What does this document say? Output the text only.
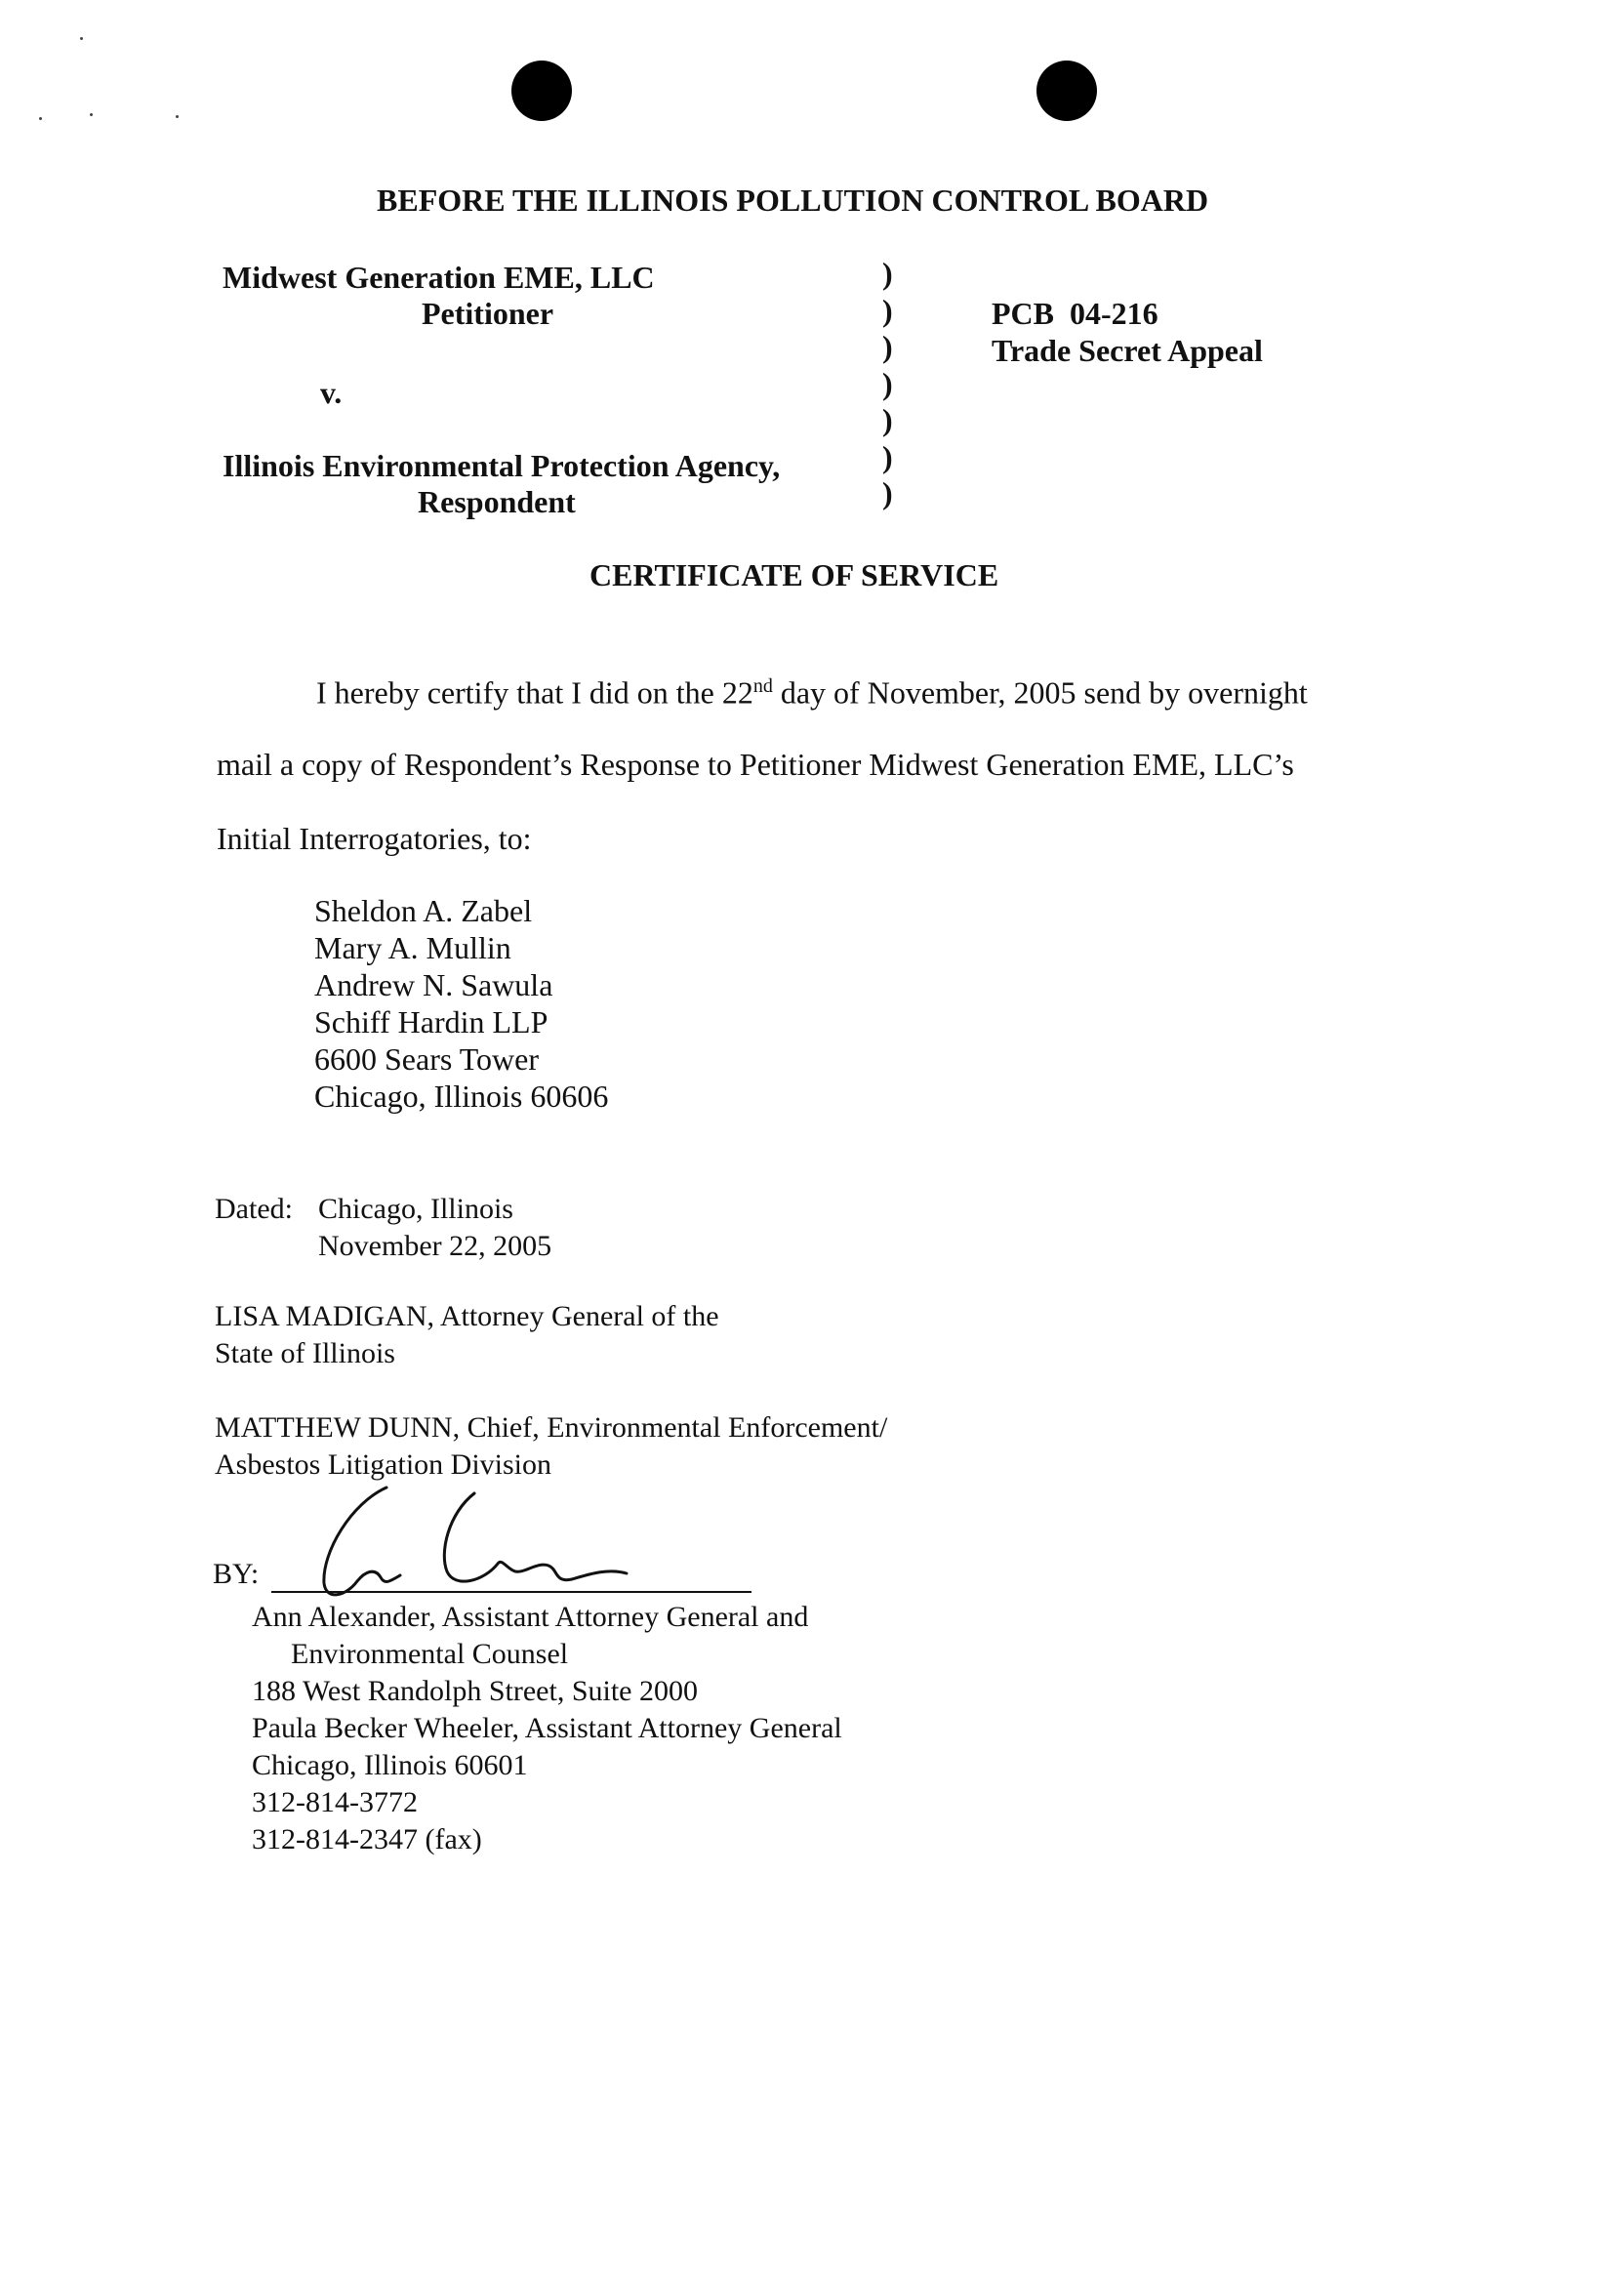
BEFORE THE ILLINOIS POLLUTION CONTROL BOARD
Midwest Generation EME, LLC
Petitioner
v.
Illinois Environmental Protection Agency,
Respondent
)
)
)
)
)
)
)
PCB 04-216
Trade Secret Appeal
CERTIFICATE OF SERVICE
I hereby certify that I did on the 22nd day of November, 2005 send by overnight
mail a copy of Respondent’s Response to Petitioner Midwest Generation EME, LLC’s
Initial Interrogatories, to:
Sheldon A. Zabel
Mary A. Mullin
Andrew N. Sawula
Schiff Hardin LLP
6600 Sears Tower
Chicago, Illinois 60606
Dated: Chicago, Illinois
November 22, 2005
LISA MADIGAN, Attorney General of the
State of Illinois
MATTHEW DUNN, Chief, Environmental Enforcement/
Asbestos Litigation Division
BY:
Ann Alexander, Assistant Attorney General and
Environmental Counsel
188 West Randolph Street, Suite 2000
Paula Becker Wheeler, Assistant Attorney General
Chicago, Illinois 60601
312-814-3772
312-814-2347 (fax)
